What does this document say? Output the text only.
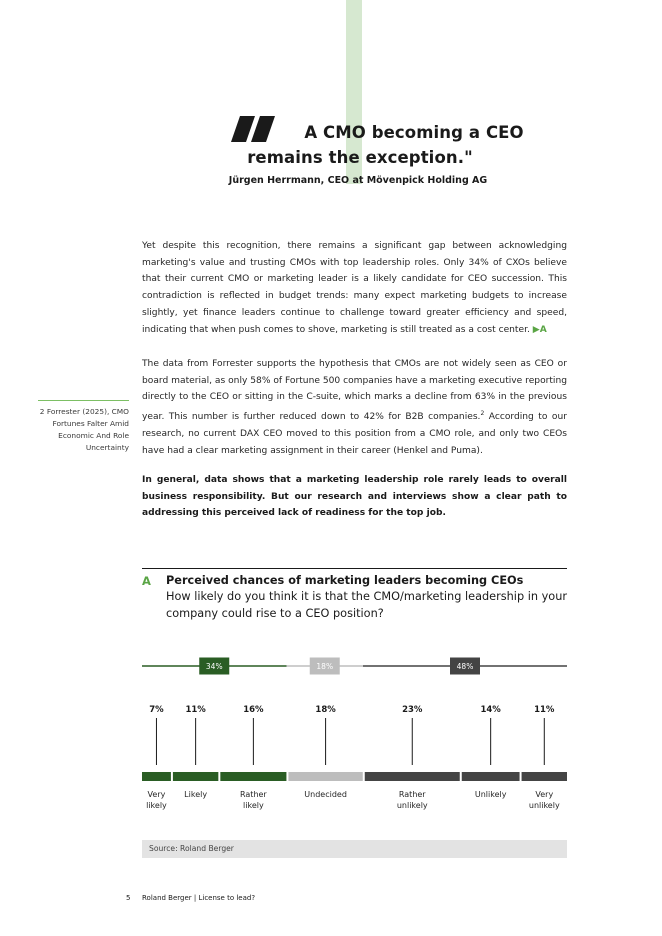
A CMO becoming a CEO
remains the exception."
Jürgen Herrmann, CEO at Mövenpick Holding AG

Yet despite this recognition, there remains a significant gap between acknowledging marketing's value and trusting CMOs with top leadership roles. Only 34% of CXOs believe that their current CMO or marketing leader is a likely candidate for CEO succession. This contradiction is reflected in budget trends: many expect marketing budgets to increase slightly, yet finance leaders continue to challenge toward greater efficiency and speed, indicating that when push comes to shove, marketing is still treated as a cost center. ▶A

The data from Forrester supports the hypothesis that CMOs are not widely seen as CEO or board material, as only 58% of Fortune 500 companies have a marketing executive reporting directly to the CEO or sitting in the C-suite, which marks a decline from 63% in the previous year. This number is further reduced down to 42% for B2B companies.$^2$ According to our research, no current DAX CEO moved to this position from a CMO role, and only two CEOs have had a clear marketing assignment in their career (Henkel and Puma).

In general, data shows that a marketing leadership role rarely leads to overall business responsibility. But our research and interviews show a clear path to addressing this perceived lack of readiness for the top job.

2 Forrester (2025), CMO Fortunes Falter Amid Economic And Role Uncertainty
A Perceived chances of marketing leaders becoming CEOs
How likely do you think it is that the CMO/marketing leadership in your company could rise to a CEO position?
34%	18%	48%
7%
Very
likely
11%
Likely
16%
Rather
likely
18%
Undecided
23%
Rather
unlikely
14%
Unlikely
11%
Very
unlikely
Source: Roland Berger
5 Roland Berger | License to lead?
